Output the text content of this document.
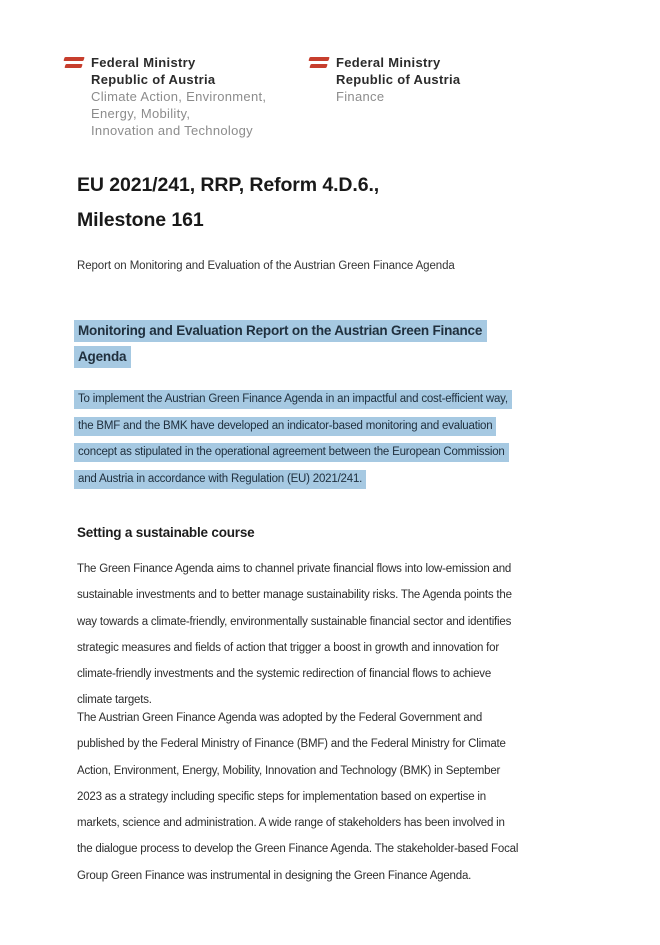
Federal Ministry
Republic of Austria
Climate Action, Environment,
Energy, Mobility,
Innovation and Technology
Federal Ministry
Republic of Austria
Finance
EU 2021/241, RRP, Reform 4.D.6.,
Milestone 161

Report on Monitoring and Evaluation of the Austrian Green Finance Agenda

Monitoring and Evaluation Report on the Austrian Green Finance
Agenda

To implement the Austrian Green Finance Agenda in an impactful and cost-efficient way,
the BMF and the BMK have developed an indicator-based monitoring and evaluation
concept as stipulated in the operational agreement between the European Commission
and Austria in accordance with Regulation (EU) 2021/241.

Setting a sustainable course

The Green Finance Agenda aims to channel private financial flows into low-emission and
sustainable investments and to better manage sustainability risks. The Agenda points the
way towards a climate-friendly, environmentally sustainable financial sector and identifies
strategic measures and fields of action that trigger a boost in growth and innovation for
climate-friendly investments and the systemic redirection of financial flows to achieve
climate targets.

The Austrian Green Finance Agenda was adopted by the Federal Government and
published by the Federal Ministry of Finance (BMF) and the Federal Ministry for Climate
Action, Environment, Energy, Mobility, Innovation and Technology (BMK) in September
2023 as a strategy including specific steps for implementation based on expertise in
markets, science and administration. A wide range of stakeholders has been involved in
the dialogue process to develop the Green Finance Agenda. The stakeholder-based Focal
Group Green Finance was instrumental in designing the Green Finance Agenda.
